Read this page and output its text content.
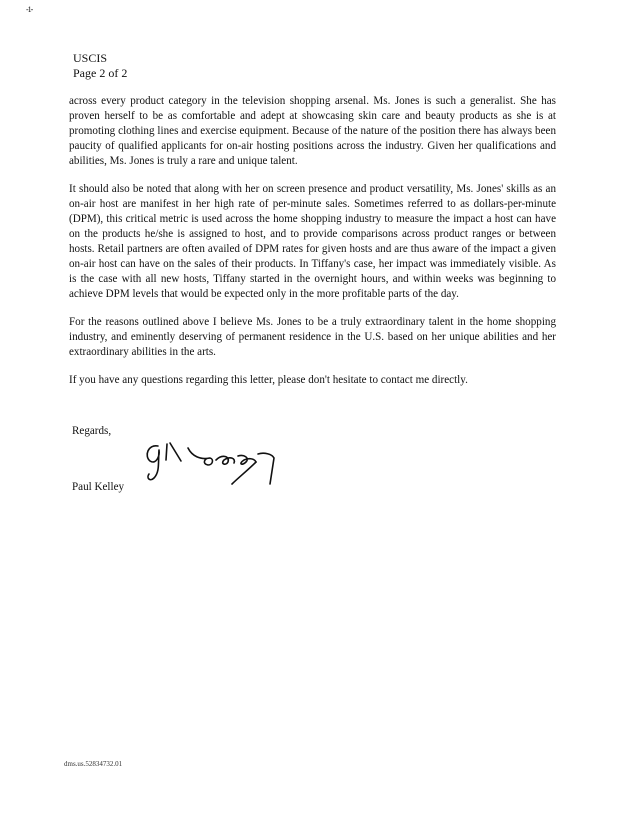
-1-
USCIS
Page 2 of 2

across every product category in the television shopping arsenal. Ms. Jones is such a generalist. She has proven herself to be as comfortable and adept at showcasing skin care and beauty products as she is at promoting clothing lines and exercise equipment. Because of the nature of the position there has always been paucity of qualified applicants for on-air hosting positions across the industry. Given her qualifications and abilities, Ms. Jones is truly a rare and unique talent.

It should also be noted that along with her on screen presence and product versatility, Ms. Jones' skills as an on-air host are manifest in her high rate of per-minute sales. Sometimes referred to as dollars-per-minute (DPM), this critical metric is used across the home shopping industry to measure the impact a host can have on the products he/she is assigned to host, and to provide comparisons across product ranges or between hosts. Retail partners are often availed of DPM rates for given hosts and are thus aware of the impact a given on-air host can have on the sales of their products. In Tiffany's case, her impact was immediately visible. As is the case with all new hosts, Tiffany started in the overnight hours, and within weeks was beginning to achieve DPM levels that would be expected only in the more profitable parts of the day.

For the reasons outlined above I believe Ms. Jones to be a truly extraordinary talent in the home shopping industry, and eminently deserving of permanent residence in the U.S. based on her unique abilities and her extraordinary abilities in the arts.

If you have any questions regarding this letter, please don't hesitate to contact me directly.

Regards,
Paul Kelley
dms.us.52834732.01
